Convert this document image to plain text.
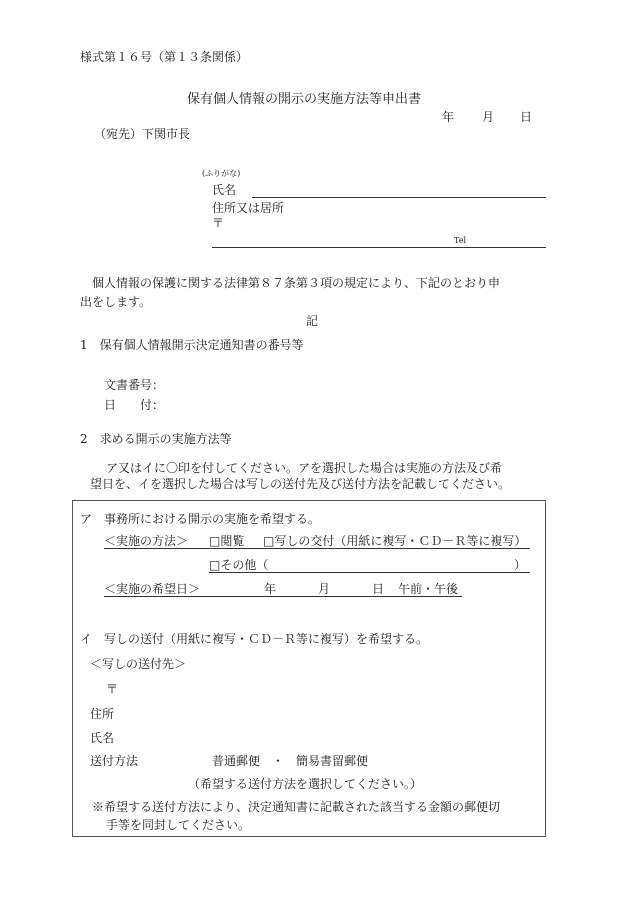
様式第１６号（第１３条関係）
保有個人情報の開示の実施方法等申出書
年 月 日
（宛先）下関市長
(ふりがな)
氏名
住所又は居所
〒
Tel
個人情報の保護に関する法律第８７条第３項の規定により、下記のとおり申
出をします。
記
1　保有個人情報開示決定通知書の番号等
文書番号：
日　　付：
2　求める開示の実施方法等
ア又はイに〇印を付してください。アを選択した場合は実施の方法及び希
望日を、イを選択した場合は写しの送付先及び送付方法を記載してください。
ア　事務所における開示の実施を希望する。
＜実施の方法＞ □閲覧 □写しの交付（用紙に複写・ＣＤ－Ｒ等に複写）
□その他（	）
＜実施の希望日＞	年	月	日 午前・午後
イ　写しの送付（用紙に複写・ＣＤ－Ｒ等に複写）を希望する。
＜写しの送付先＞
〒
住所
氏名
送付方法	普通郵便　・　簡易書留郵便
（希望する送付方法を選択してください。）
※希望する送付方法により、決定通知書に記載された該当する金額の郵便切
手等を同封してください。
